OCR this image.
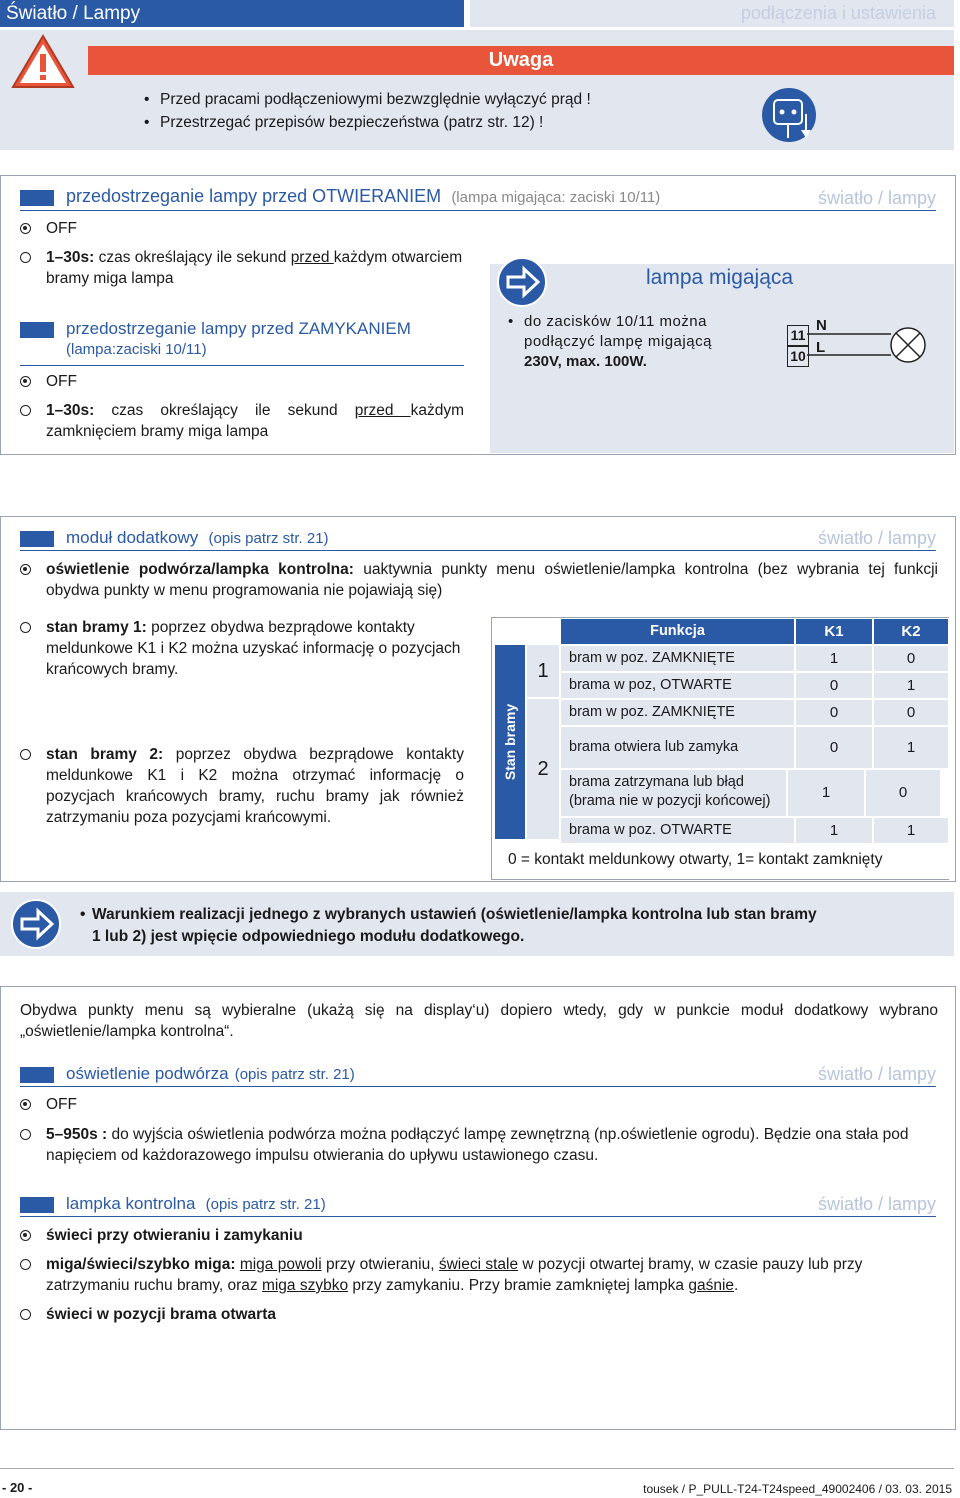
Światło / Lampy	podłączenia i ustawienia
Uwaga
• Przed pracami podłączeniowymi bezwzględnie wyłączyć prąd !
• Przestrzegać przepisów bezpieczeństwa (patrz str. 12) !
przedostrzeganie lampy przed OTWIERANIEM (lampa migająca: zaciski 10/11)	światło / lampy
OFF
1–30s: czas określający ile sekund przed każdym otwarciem bramy miga lampa
przedostrzeganie lampy przed ZAMYKANIEM
(lampa:zaciski 10/11)
OFF
1–30s: czas określający ile sekund przed każdym zamknięciem bramy miga lampa
lampa migająca
• do zacisków 10/11 można podłączyć lampę migającą
230V, max. 100W.
11
10
N
L
moduł dodatkowy (opis patrz str. 21)	światło / lampy
oświetlenie podwórza/lampka kontrolna: uaktywnia punkty menu oświetlenie/lampka kontrolna (bez wybrania tej funkcji obydwa punkty w menu programowania nie pojawiają się)
stan bramy 1: poprzez obydwa bezprądowe kontakty meldunkowe K1 i K2 można uzyskać informację o pozycjach krańcowych bramy.
stan bramy 2: poprzez obydwa bezprądowe kontakty meldunkowe K1 i K2 można otrzymać informację o pozycjach krańcowych bramy, ruchu bramy jak również zatrzymaniu poza pozycjami krańcowymi.
Stan bramy
1
2
Funkcja	K1	K2
bram w poz. ZAMKNIĘTE	1	0
brama w poz, OTWARTE	0	1
bram w poz. ZAMKNIĘTE	0	0
brama otwiera lub zamyka	0	1
brama zatrzymana lub błąd
(brama nie w pozycji końcowej)	1	0
brama w poz. OTWARTE	1	1
0 = kontakt meldunkowy otwarty, 1= kontakt zamknięty
• Warunkiem realizacji jednego z wybranych ustawień (oświetlenie/lampka kontrolna lub stan bramy 1 lub 2) jest wpięcie odpowiedniego modułu dodatkowego.
Obydwa punkty menu są wybieralne (ukażą się na display‘u) dopiero wtedy, gdy w punkcie moduł dodatkowy wybrano „oświetlenie/lampka kontrolna“.
oświetlenie podwórza (opis patrz str. 21)	światło / lampy
OFF
5–950s : do wyjścia oświetlenia podwórza można podłączyć lampę zewnętrzną (np.oświetlenie ogrodu). Będzie ona stała pod napięciem od każdorazowego impulsu otwierania do upływu ustawionego czasu.
lampka kontrolna (opis patrz str. 21)	światło / lampy
świeci przy otwieraniu i zamykaniu
miga/świeci/szybko miga: miga powoli przy otwieraniu, świeci stale w pozycji otwartej bramy, w czasie pauzy lub przy zatrzymaniu ruchu bramy, oraz miga szybko przy zamykaniu. Przy bramie zamkniętej lampka gaśnie.
świeci w pozycji brama otwarta
- 20 -	tousek / P_PULL-T24-T24speed_49002406 / 03. 03. 2015
